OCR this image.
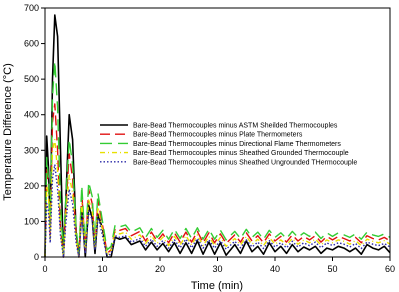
0	10	20	30	40	50	60
0
100
200
300
400
500
600
700
Time (min)
Temperature Difference (°C)	Bare-Bead Thermocouples minus ASTM Sheilded Thermocouples
Bare-Bead Thermocouples minus Plate Thermometers
Bare-Bead Thermocouples minus Directional Flame Thermometers
Bare-Bead Thermocouples minus Sheathed Grounded Thermocouple
Bare-Bead Thermocouples minus Sheathed Ungrounded THermocouple
